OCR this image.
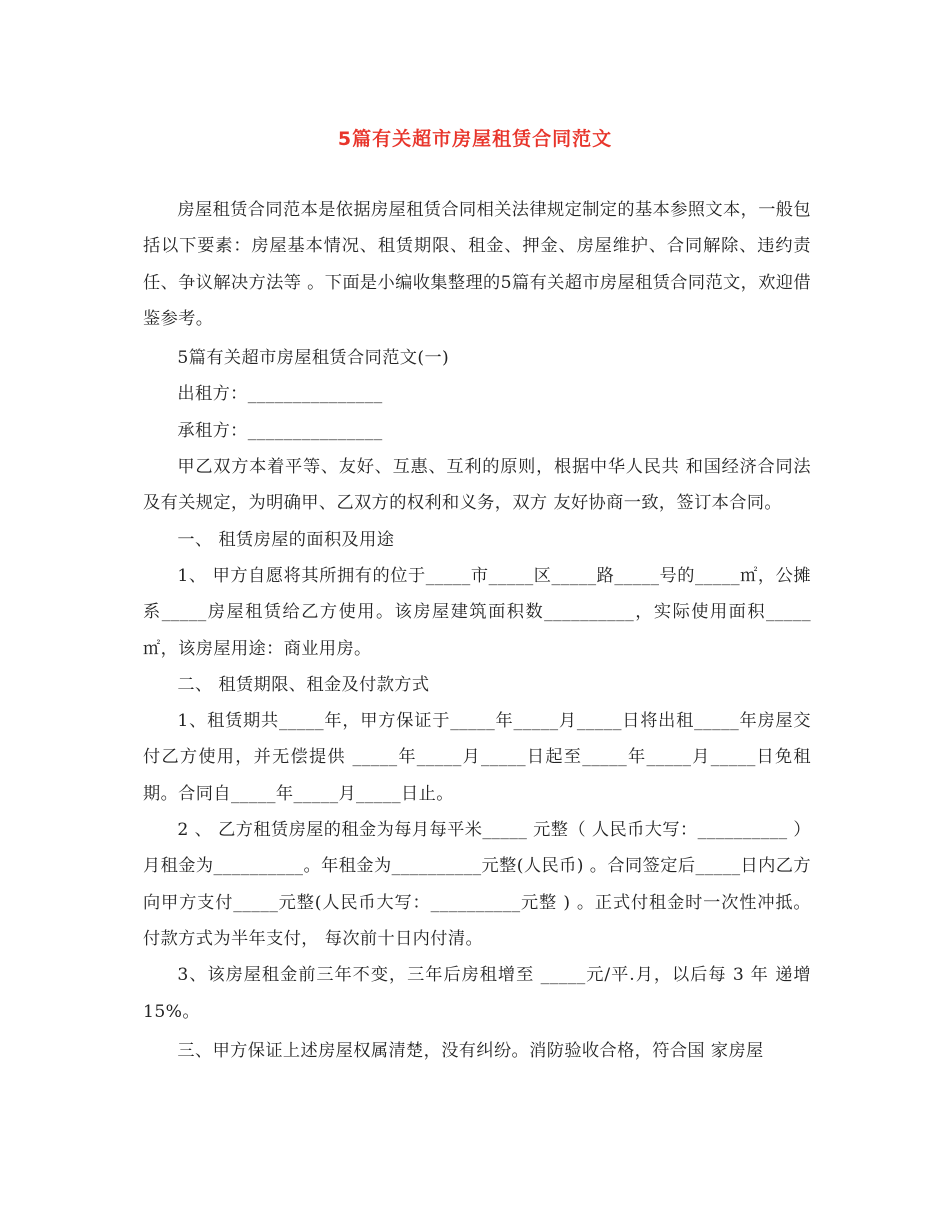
5篇有关超市房屋租赁合同范文

房屋租赁合同范本是依据房屋租赁合同相关法律规定制定的基本参照文本，一般包括以下要素：房屋基本情况、租赁期限、租金、押金、房屋维护、合同解除、违约责任、争议解决方法等 。下面是小编收集整理的5篇有关超市房屋租赁合同范文，欢迎借鉴参考。

5篇有关超市房屋租赁合同范文(一)

出租方：_______________

承租方：_______________

甲乙双方本着平等、友好、互惠、互利的原则，根据中华人民共 和国经济合同法及有关规定，为明确甲、乙双方的权利和义务，双方 友好协商一致，签订本合同。

一、 租赁房屋的面积及用途

1、 甲方自愿将其所拥有的位于_____市_____区_____路_____号的_____㎡，公摊系_____房屋租赁给乙方使用。该房屋建筑面积数__________，实际使用面积_____㎡，该房屋用途：商业用房。

二、 租赁期限、租金及付款方式

1、租赁期共_____年，甲方保证于_____年_____月_____日将出租_____年房屋交付乙方使用，并无偿提供 _____年_____月_____日起至_____年_____月_____日免租期。合同自_____年_____月_____日止。

2 、 乙方租赁房屋的租金为每月每平米_____ 元整（ 人民币大写：__________ ） 月租金为__________。年租金为__________元整(人民币) 。合同签定后_____日内乙方向甲方支付_____元整(人民币大写：__________元整 ) 。正式付租金时一次性冲抵。付款方式为半年支付， 每次前十日内付清。

3、该房屋租金前三年不变，三年后房租增至 _____元/平.月，以后每 3 年 递增 15%。

三、甲方保证上述房屋权属清楚，没有纠纷。消防验收合格，符合国 家房屋
